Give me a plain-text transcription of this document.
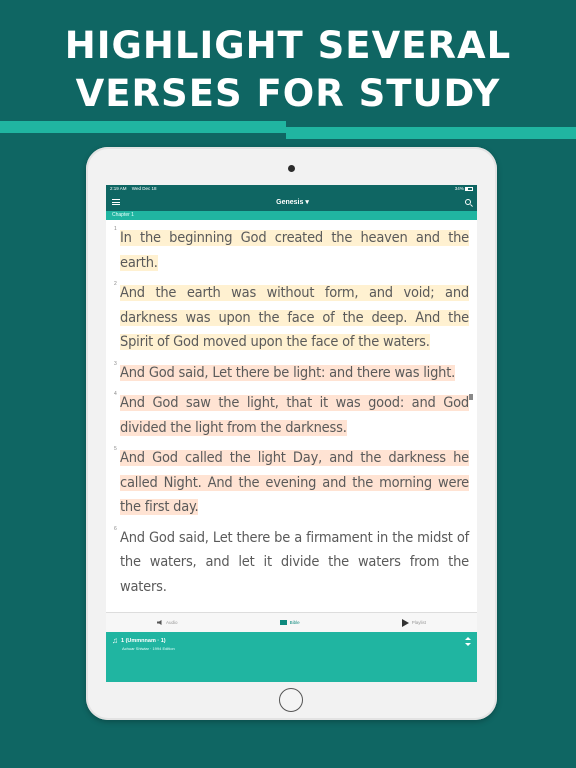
HIGHLIGHT SEVERAL
VERSES FOR STUDY
2:19 AM Wed Dec 18	34%
Genesis ▾
Chapter 1
1
In the beginning God created the heaven and the earth.
2
And the earth was without form, and void; and darkness was upon the face of the deep. And the Spirit of God moved upon the face of the waters.
3
And God said, Let there be light: and there was light.
4
And God saw the light, that it was good: and God divided the light from the darkness.
5
And God called the light Day, and the darkness he called Night. And the evening and the morning were the first day.
6
And God said, Let there be a firmament in the midst of the waters, and let it divide the waters from the waters.
Audio	Bible	Playlist
♫ 1 (Ummnnam · 1)
Achuar Shiwiar · 1994 Edition
